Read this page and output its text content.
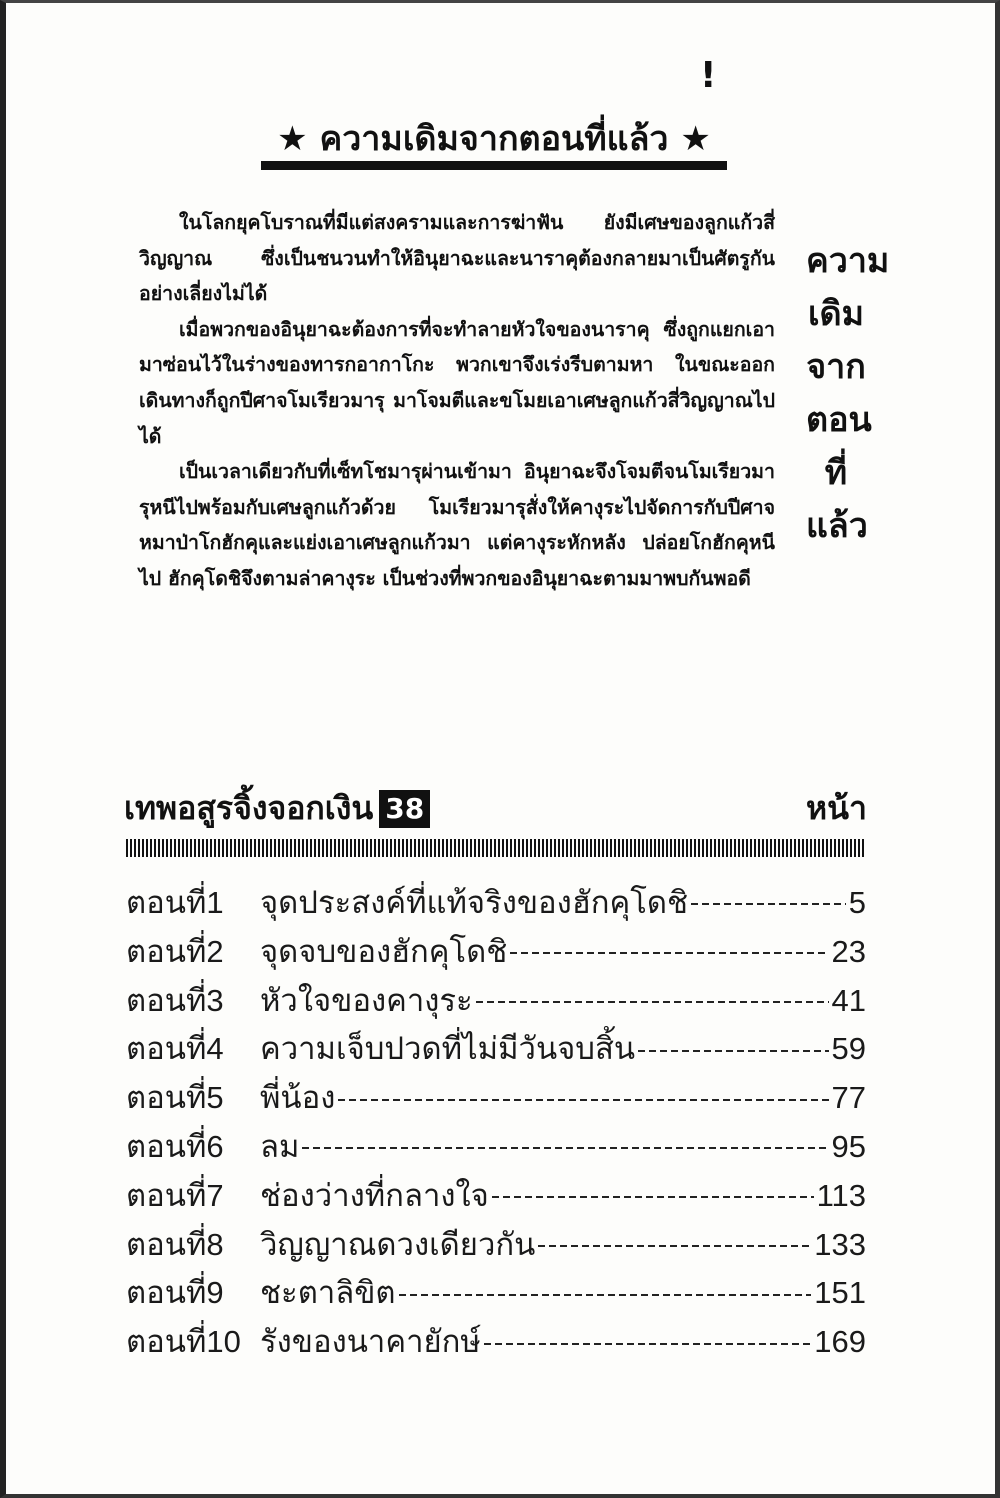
!
★ ความเดิมจากตอนที่แล้ว ★

ในโลกยุคโบราณที่มีแต่สงครามและการฆ่าฟัน ยังมีเศษของลูกแก้วสี่วิญญาณ ซึ่งเป็นชนวนทำให้อินุยาฉะและนาราคุต้องกลายมาเป็นศัตรูกันอย่างเลี่ยงไม่ได้

เมื่อพวกของอินุยาฉะต้องการที่จะทำลายหัวใจของนาราคุ ซึ่งถูกแยกเอามาซ่อนไว้ในร่างของทารกอากาโกะ พวกเขาจึงเร่งรีบตามหา ในขณะออกเดินทางก็ถูกปีศาจโมเรียวมารุ มาโจมตีและขโมยเอาเศษลูกแก้วสี่วิญญาณไปได้

เป็นเวลาเดียวกับที่เซ็ทโชมารุผ่านเข้ามา อินุยาฉะจึงโจมตีจนโมเรียวมารุหนีไปพร้อมกับเศษลูกแก้วด้วย โมเรียวมารุสั่งให้คางุระไปจัดการกับปีศาจหมาป่าโกฮักคุและแย่งเอาเศษลูกแก้วมา แต่คางุระหักหลัง ปล่อยโกฮักคุหนีไป ฮักคุโดชิจึงตามล่าคางุระ เป็นช่วงที่พวกของอินุยาฉะตามมาพบกันพอดี

ความ
เดิม
จาก
ตอน
ที่
แล้ว
เทพอสูรจิ้งจอกเงิน 38	หน้า
ตอนที่1	จุดประสงค์ที่แท้จริงของฮักคุโดชิ	5
ตอนที่2	จุดจบของฮักคุโดชิ	23
ตอนที่3	หัวใจของคางุระ	41
ตอนที่4	ความเจ็บปวดที่ไม่มีวันจบสิ้น	59
ตอนที่5	พี่น้อง	77
ตอนที่6	ลม	95
ตอนที่7	ช่องว่างที่กลางใจ	113
ตอนที่8	วิญญาณดวงเดียวกัน	133
ตอนที่9	ชะตาลิขิต	151
ตอนที่10 รังของนาคายักษ์	169
